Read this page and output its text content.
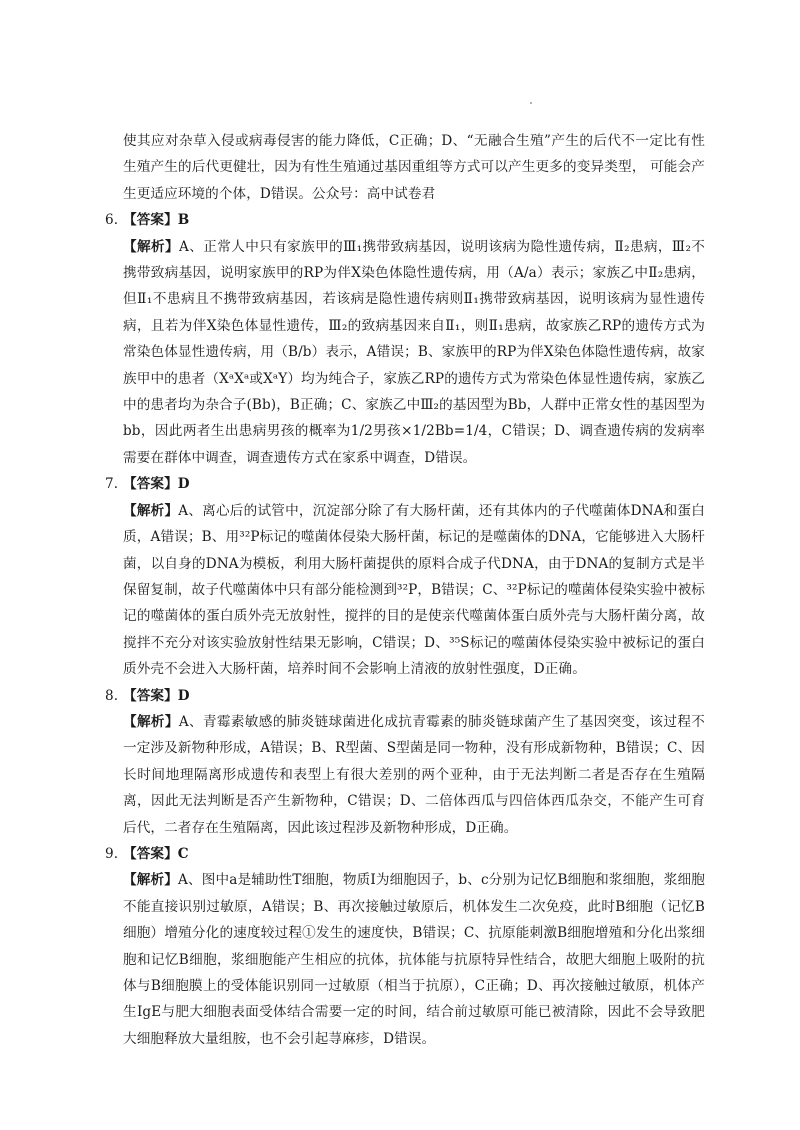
使其应对杂草入侵或病毒侵害的能力降低，C正确；D、“无融合生殖”产生的后代不一定比有性生殖产生的后代更健壮，因为有性生殖通过基因重组等方式可以产生更多的变异类型， 可能会产生更适应环境的个体，D错误。公众号：高中试卷君

6. 【答案】B

【解析】A、正常人中只有家族甲的Ⅲ₁携带致病基因，说明该病为隐性遗传病，Ⅱ₂患病，Ⅲ₂不携带致病基因，说明家族甲的RP为伴X染色体隐性遗传病，用（A/a）表示；家族乙中Ⅱ₂患病，但Ⅱ₁不患病且不携带致病基因，若该病是隐性遗传病则Ⅱ₁携带致病基因，说明该病为显性遗传病，且若为伴X染色体显性遗传，Ⅲ₂的致病基因来自Ⅱ₁，则Ⅱ₁患病，故家族乙RP的遗传方式为常染色体显性遗传病，用（B/b）表示，A错误；B、家族甲的RP为伴X染色体隐性遗传病，故家族甲中的患者（XᵃXᵃ或XᵃY）均为纯合子，家族乙RP的遗传方式为常染色体显性遗传病，家族乙中的患者均为杂合子(Bb)，B正确；C、家族乙中Ⅲ₂的基因型为Bb，人群中正常女性的基因型为bb，因此两者生出患病男孩的概率为1/2男孩×1/2Bb=1/4，C错误；D、调查遗传病的发病率需要在群体中调查，调查遗传方式在家系中调查，D错误。

7. 【答案】D

【解析】A、离心后的试管中，沉淀部分除了有大肠杆菌，还有其体内的子代噬菌体DNA和蛋白质，A错误；B、用³²P标记的噬菌体侵染大肠杆菌，标记的是噬菌体的DNA，它能够进入大肠杆菌，以自身的DNA为模板，利用大肠杆菌提供的原料合成子代DNA，由于DNA的复制方式是半保留复制，故子代噬菌体中只有部分能检测到³²P，B错误；C、³²P标记的噬菌体侵染实验中被标记的噬菌体的蛋白质外壳无放射性，搅拌的目的是使亲代噬菌体蛋白质外壳与大肠杆菌分离，故搅拌不充分对该实验放射性结果无影响，C错误；D、³⁵S标记的噬菌体侵染实验中被标记的蛋白质外壳不会进入大肠杆菌，培养时间不会影响上清液的放射性强度，D正确。

8. 【答案】D

【解析】A、青霉素敏感的肺炎链球菌进化成抗青霉素的肺炎链球菌产生了基因突变，该过程不一定涉及新物种形成，A错误；B、R型菌、S型菌是同一物种，没有形成新物种，B错误；C、因长时间地理隔离形成遗传和表型上有很大差别的两个亚种，由于无法判断二者是否存在生殖隔离，因此无法判断是否产生新物种，C错误；D、二倍体西瓜与四倍体西瓜杂交，不能产生可育后代，二者存在生殖隔离，因此该过程涉及新物种形成，D正确。

9. 【答案】C

【解析】A、图中a是辅助性T细胞，物质Ⅰ为细胞因子，b、c分别为记忆B细胞和浆细胞，浆细胞不能直接识别过敏原，A错误；B、再次接触过敏原后，机体发生二次免疫，此时B细胞（记忆B细胞）增殖分化的速度较过程①发生的速度快，B错误；C、抗原能刺激B细胞增殖和分化出浆细胞和记忆B细胞，浆细胞能产生相应的抗体，抗体能与抗原特异性结合，故肥大细胞上吸附的抗体与B细胞膜上的受体能识别同一过敏原（相当于抗原），C正确；D、再次接触过敏原，机体产生IgE与肥大细胞表面受体结合需要一定的时间，结合前过敏原可能已被清除，因此不会导致肥大细胞释放大量组胺，也不会引起荨麻疹，D错误。
